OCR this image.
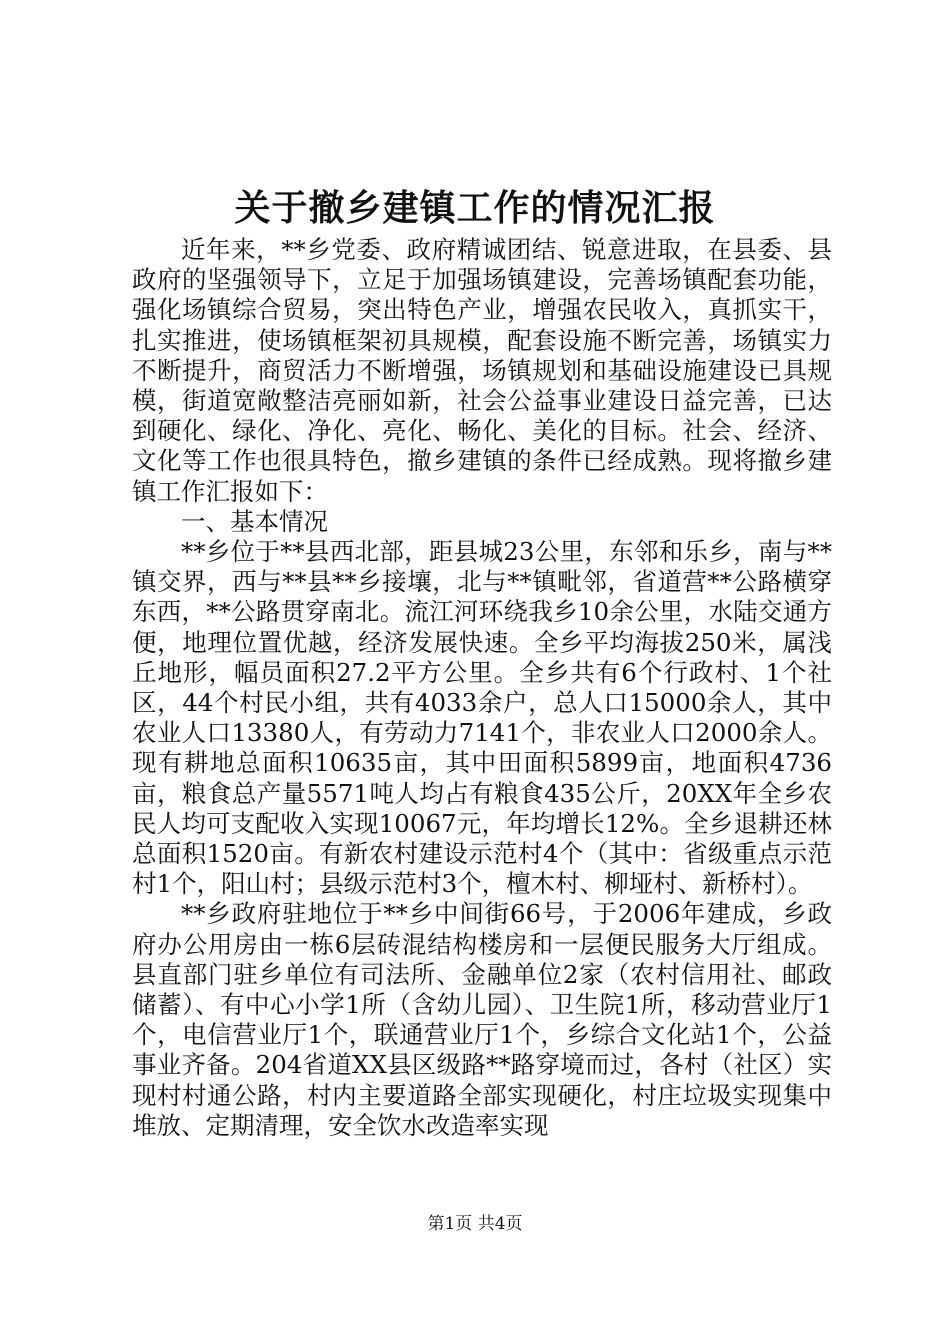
关于撤乡建镇工作的情况汇报

近年来，**乡党委、政府精诚团结、锐意进取，在县委、县政府的坚强领导下，立足于加强场镇建设，完善场镇配套功能，强化场镇综合贸易，突出特色产业，增强农民收入，真抓实干，扎实推进，使场镇框架初具规模，配套设施不断完善，场镇实力不断提升，商贸活力不断增强，场镇规划和基础设施建设已具规模，街道宽敞整洁亮丽如新，社会公益事业建设日益完善，已达到硬化、绿化、净化、亮化、畅化、美化的目标。社会、经济、文化等工作也很具特色，撤乡建镇的条件已经成熟。现将撤乡建镇工作汇报如下：

一、基本情况

**乡位于**县西北部，距县城23公里，东邻和乐乡，南与**镇交界，西与**县**乡接壤，北与**镇毗邻，省道营**公路横穿东西，**公路贯穿南北。流江河环绕我乡10余公里，水陆交通方便，地理位置优越，经济发展快速。全乡平均海拔250米，属浅丘地形，幅员面积27.2平方公里。全乡共有6个行政村、1个社区，44个村民小组，共有4033余户，总人口15000余人，其中农业人口13380人，有劳动力7141个，非农业人口2000余人。现有耕地总面积10635亩，其中田面积5899亩，地面积4736亩，粮食总产量5571吨人均占有粮食435公斤，20XX年全乡农民人均可支配收入实现10067元，年均增长12%。全乡退耕还林总面积1520亩。有新农村建设示范村4个（其中：省级重点示范村1个，阳山村；县级示范村3个，檀木村、柳垭村、新桥村）。

**乡政府驻地位于**乡中间街66号，于2006年建成，乡政府办公用房由一栋6层砖混结构楼房和一层便民服务大厅组成。县直部门驻乡单位有司法所、金融单位2家（农村信用社、邮政储蓄）、有中心小学1所（含幼儿园）、卫生院1所，移动营业厅1个，电信营业厅1个，联通营业厅1个，乡综合文化站1个，公益事业齐备。204省道XX县区级路**路穿境而过，各村（社区）实现村村通公路，村内主要道路全部实现硬化，村庄垃圾实现集中堆放、定期清理，安全饮水改造率实现

第1页 共4页
